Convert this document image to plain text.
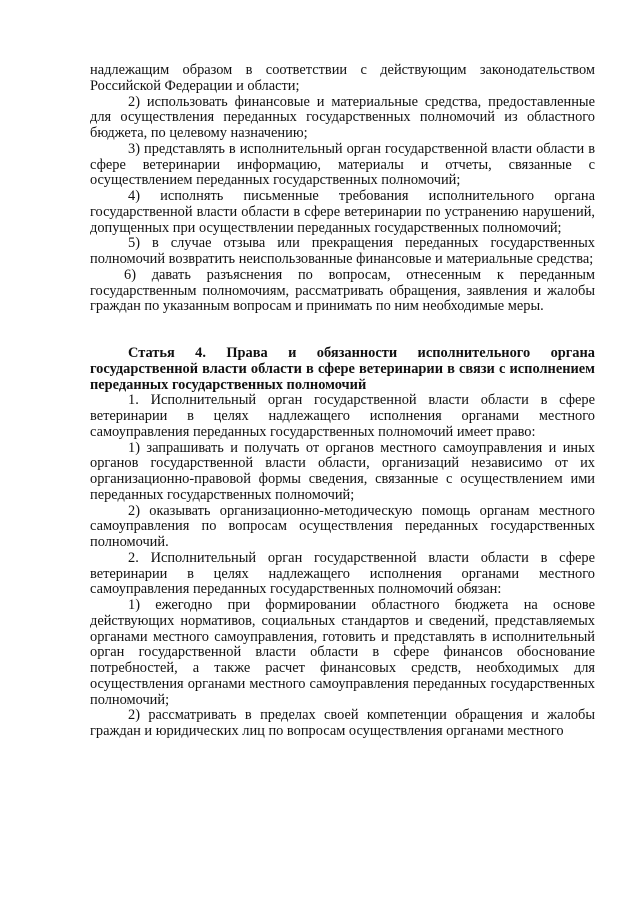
надлежащим образом в соответствии с действующим законодательством Российской Федерации и области;

2) использовать финансовые и материальные средства, предоставленные для осуществления переданных государственных полномочий из областного бюджета, по целевому назначению;

3) представлять в исполнительный орган государственной власти области в сфере ветеринарии информацию, материалы и отчеты, связанные с осуществлением переданных государственных полномочий;

4) исполнять письменные требования исполнительного органа государственной власти области в сфере ветеринарии по устранению нарушений, допущенных при осуществлении переданных государственных полномочий;

5) в случае отзыва или прекращения переданных государственных полномочий возвратить неиспользованные финансовые и материальные средства;

6) давать разъяснения по вопросам, отнесенным к переданным государственным полномочиям, рассматривать обращения, заявления и жалобы граждан по указанным вопросам и принимать по ним необходимые меры.

Статья 4. Права и обязанности исполнительного органа государственной власти области в сфере ветеринарии в связи с исполнением переданных государственных полномочий

1. Исполнительный орган государственной власти области в сфере ветеринарии в целях надлежащего исполнения органами местного самоуправления переданных государственных полномочий имеет право:

1) запрашивать и получать от органов местного самоуправления и иных органов государственной власти области, организаций независимо от их организационно-правовой формы сведения, связанные с осуществлением ими переданных государственных полномочий;

2) оказывать организационно-методическую помощь органам местного самоуправления по вопросам осуществления переданных государственных полномочий.

2. Исполнительный орган государственной власти области в сфере ветеринарии в целях надлежащего исполнения органами местного самоуправления переданных государственных полномочий обязан:

1) ежегодно при формировании областного бюджета на основе действующих нормативов, социальных стандартов и сведений, представляемых органами местного самоуправления, готовить и представлять в исполнительный орган государственной власти области в сфере финансов обоснование потребностей, а также расчет финансовых средств, необходимых для осуществления органами местного самоуправления переданных государственных полномочий;

2) рассматривать в пределах своей компетенции обращения и жалобы граждан и юридических лиц по вопросам осуществления органами местного
